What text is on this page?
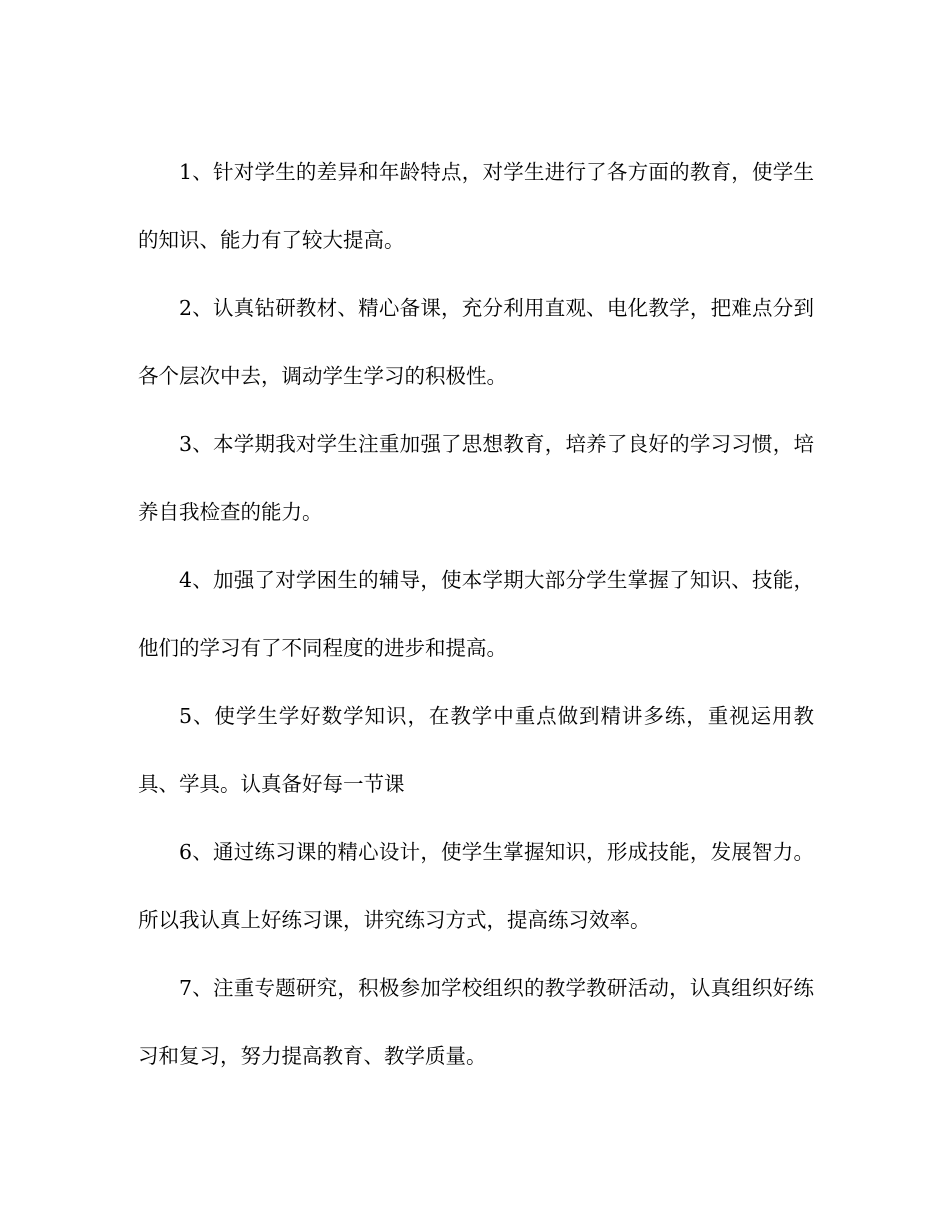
1、针对学生的差异和年龄特点，对学生进行了各方面的教育，使学生的知识、能力有了较大提高。

2、认真钻研教材、精心备课，充分利用直观、电化教学，把难点分到各个层次中去，调动学生学习的积极性。

3、本学期我对学生注重加强了思想教育，培养了良好的学习习惯，培养自我检查的能力。

4、加强了对学困生的辅导，使本学期大部分学生掌握了知识、技能，他们的学习有了不同程度的进步和提高。

5、使学生学好数学知识，在教学中重点做到精讲多练，重视运用教具、学具。认真备好每一节课

6、通过练习课的精心设计，使学生掌握知识，形成技能，发展智力。所以我认真上好练习课，讲究练习方式，提高练习效率。

7、注重专题研究，积极参加学校组织的教学教研活动，认真组织好练习和复习，努力提高教育、教学质量。
